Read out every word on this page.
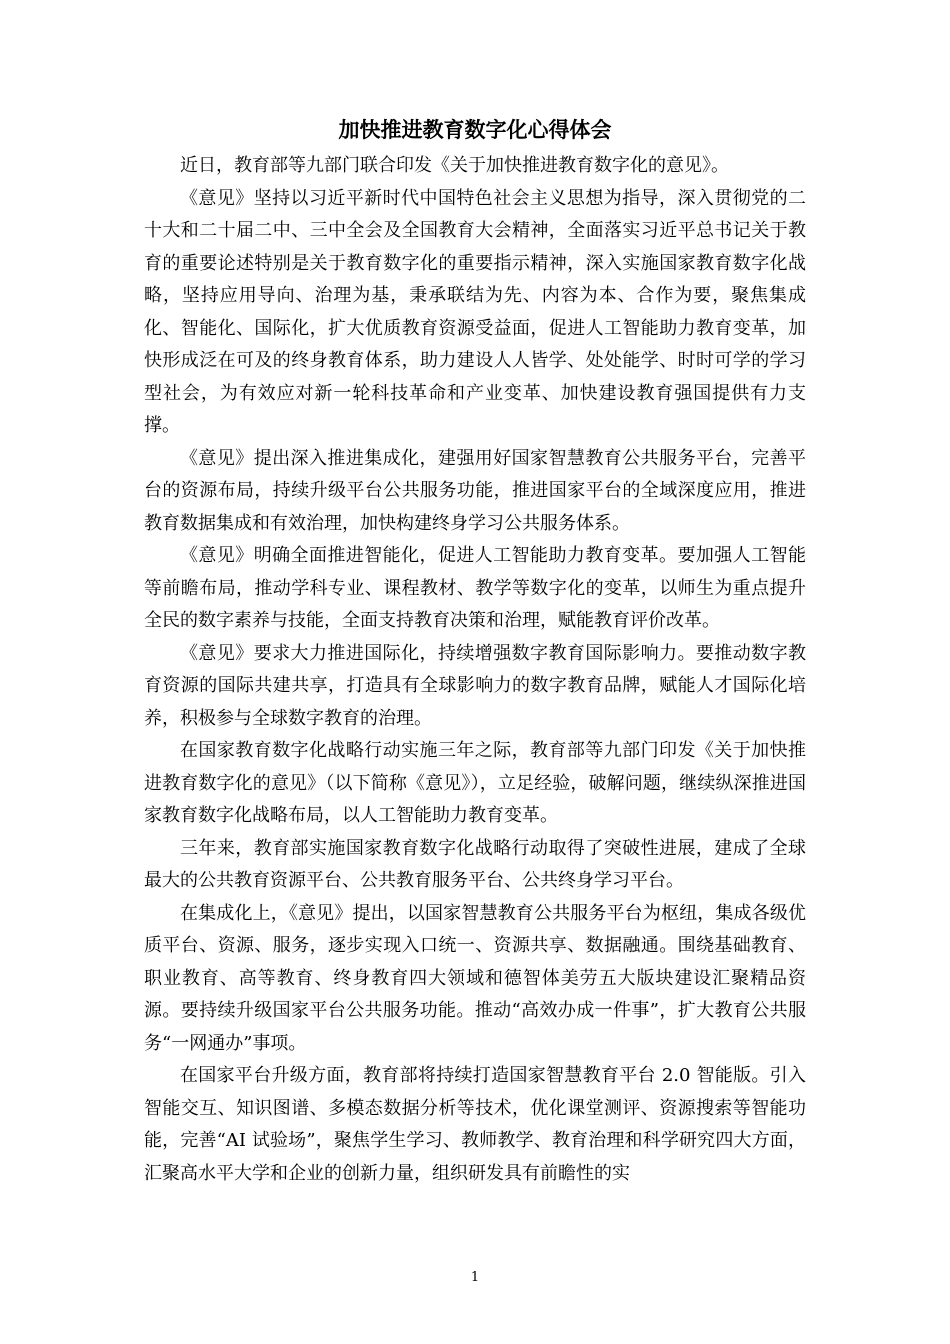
加快推进教育数字化心得体会

近日，教育部等九部门联合印发《关于加快推进教育数字化的意见》。

《意见》坚持以习近平新时代中国特色社会主义思想为指导，深入贯彻党的二十大和二十届二中、三中全会及全国教育大会精神，全面落实习近平总书记关于教育的重要论述特别是关于教育数字化的重要指示精神，深入实施国家教育数字化战略，坚持应用导向、治理为基，秉承联结为先、内容为本、合作为要，聚焦集成化、智能化、国际化，扩大优质教育资源受益面，促进人工智能助力教育变革，加快形成泛在可及的终身教育体系，助力建设人人皆学、处处能学、时时可学的学习型社会，为有效应对新一轮科技革命和产业变革、加快建设教育强国提供有力支撑。

《意见》提出深入推进集成化，建强用好国家智慧教育公共服务平台，完善平台的资源布局，持续升级平台公共服务功能，推进国家平台的全域深度应用，推进教育数据集成和有效治理，加快构建终身学习公共服务体系。

《意见》明确全面推进智能化，促进人工智能助力教育变革。要加强人工智能等前瞻布局，推动学科专业、课程教材、教学等数字化的变革，以师生为重点提升全民的数字素养与技能，全面支持教育决策和治理，赋能教育评价改革。

《意见》要求大力推进国际化，持续增强数字教育国际影响力。要推动数字教育资源的国际共建共享，打造具有全球影响力的数字教育品牌，赋能人才国际化培养，积极参与全球数字教育的治理。

在国家教育数字化战略行动实施三年之际，教育部等九部门印发《关于加快推进教育数字化的意见》（以下简称《意见》），立足经验，破解问题，继续纵深推进国家教育数字化战略布局，以人工智能助力教育变革。

三年来，教育部实施国家教育数字化战略行动取得了突破性进展，建成了全球最大的公共教育资源平台、公共教育服务平台、公共终身学习平台。

在集成化上，《意见》提出，以国家智慧教育公共服务平台为枢纽，集成各级优质平台、资源、服务，逐步实现入口统一、资源共享、数据融通。围绕基础教育、职业教育、高等教育、终身教育四大领域和德智体美劳五大版块建设汇聚精品资源。要持续升级国家平台公共服务功能。推动“高效办成一件事”，扩大教育公共服务“一网通办”事项。

在国家平台升级方面，教育部将持续打造国家智慧教育平台 2.0 智能版。引入智能交互、知识图谱、多模态数据分析等技术，优化课堂测评、资源搜索等智能功能，完善“AI 试验场”，聚焦学生学习、教师教学、教育治理和科学研究四大方面，汇聚高水平大学和企业的创新力量，组织研发具有前瞻性的实

1
